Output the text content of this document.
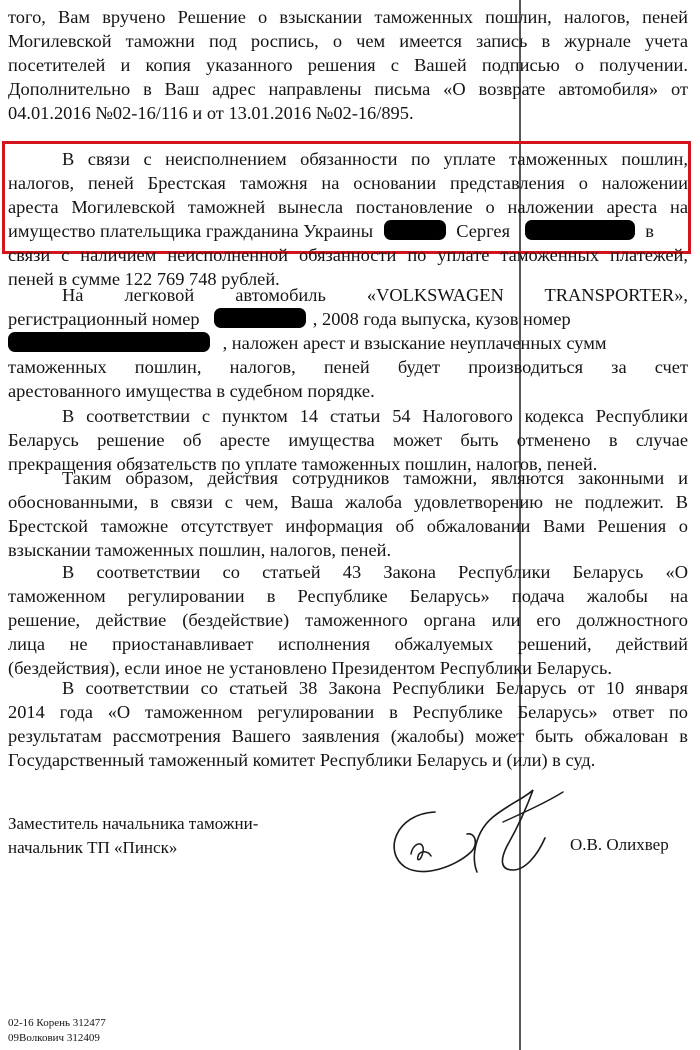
того, Вам вручено Решение о взыскании таможенных пошлин, налогов, пеней
Могилевской таможни под роспись, о чем имеется запись в журнале учета
посетителей и копия указанного решения с Вашей подписью о получении.
Дополнительно в Ваш адрес направлены письма «О возврате автомобиля» от
04.01.2016 №02-16/116 и от 13.01.2016 №02-16/895.
В связи с неисполнением обязанности по уплате таможенных пошлин,
налогов, пеней Брестская таможня на основании представления о наложении
ареста Могилевской таможней вынесла постановление о наложении ареста на
имущество плательщика гражданина Украины	Сергея	в
связи с наличием неисполненной обязанности по уплате таможенных платежей,
пеней в сумме 122 769 748 рублей.
На легковой автомобиль «VOLKSWAGEN TRANSPORTER»,
регистрационный номер	, 2008 года выпуска, кузов номер
, наложен арест и взыскание неуплаченных сумм
таможенных пошлин, налогов, пеней будет производиться за счет
арестованного имущества в судебном порядке.
В соответствии с пунктом 14 статьи 54 Налогового кодекса Республики
Беларусь решение об аресте имущества может быть отменено в случае
прекращения обязательств по уплате таможенных пошлин, налогов, пеней.
Таким образом, действия сотрудников таможни, являются законными и
обоснованными, в связи с чем, Ваша жалоба удовлетворению не подлежит. В
Брестской таможне отсутствует информация об обжаловании Вами Решения о
взыскании таможенных пошлин, налогов, пеней.
В соответствии со статьей 43 Закона Республики Беларусь «О
таможенном регулировании в Республике Беларусь» подача жалобы на
решение, действие (бездействие) таможенного органа или его должностного
лица не приостанавливает исполнения обжалуемых решений, действий
(бездействия), если иное не установлено Президентом Республики Беларусь.
В соответствии со статьей 38 Закона Республики Беларусь от 10 января
2014 года «О таможенном регулировании в Республике Беларусь» ответ по
результатам рассмотрения Вашего заявления (жалобы) может быть обжалован в
Государственный таможенный комитет Республики Беларусь и (или) в суд.
Заместитель начальника таможни-
начальник ТП «Пинск»	О.В. Олихвер
02-16 Корень 312477
09Волкович 312409
